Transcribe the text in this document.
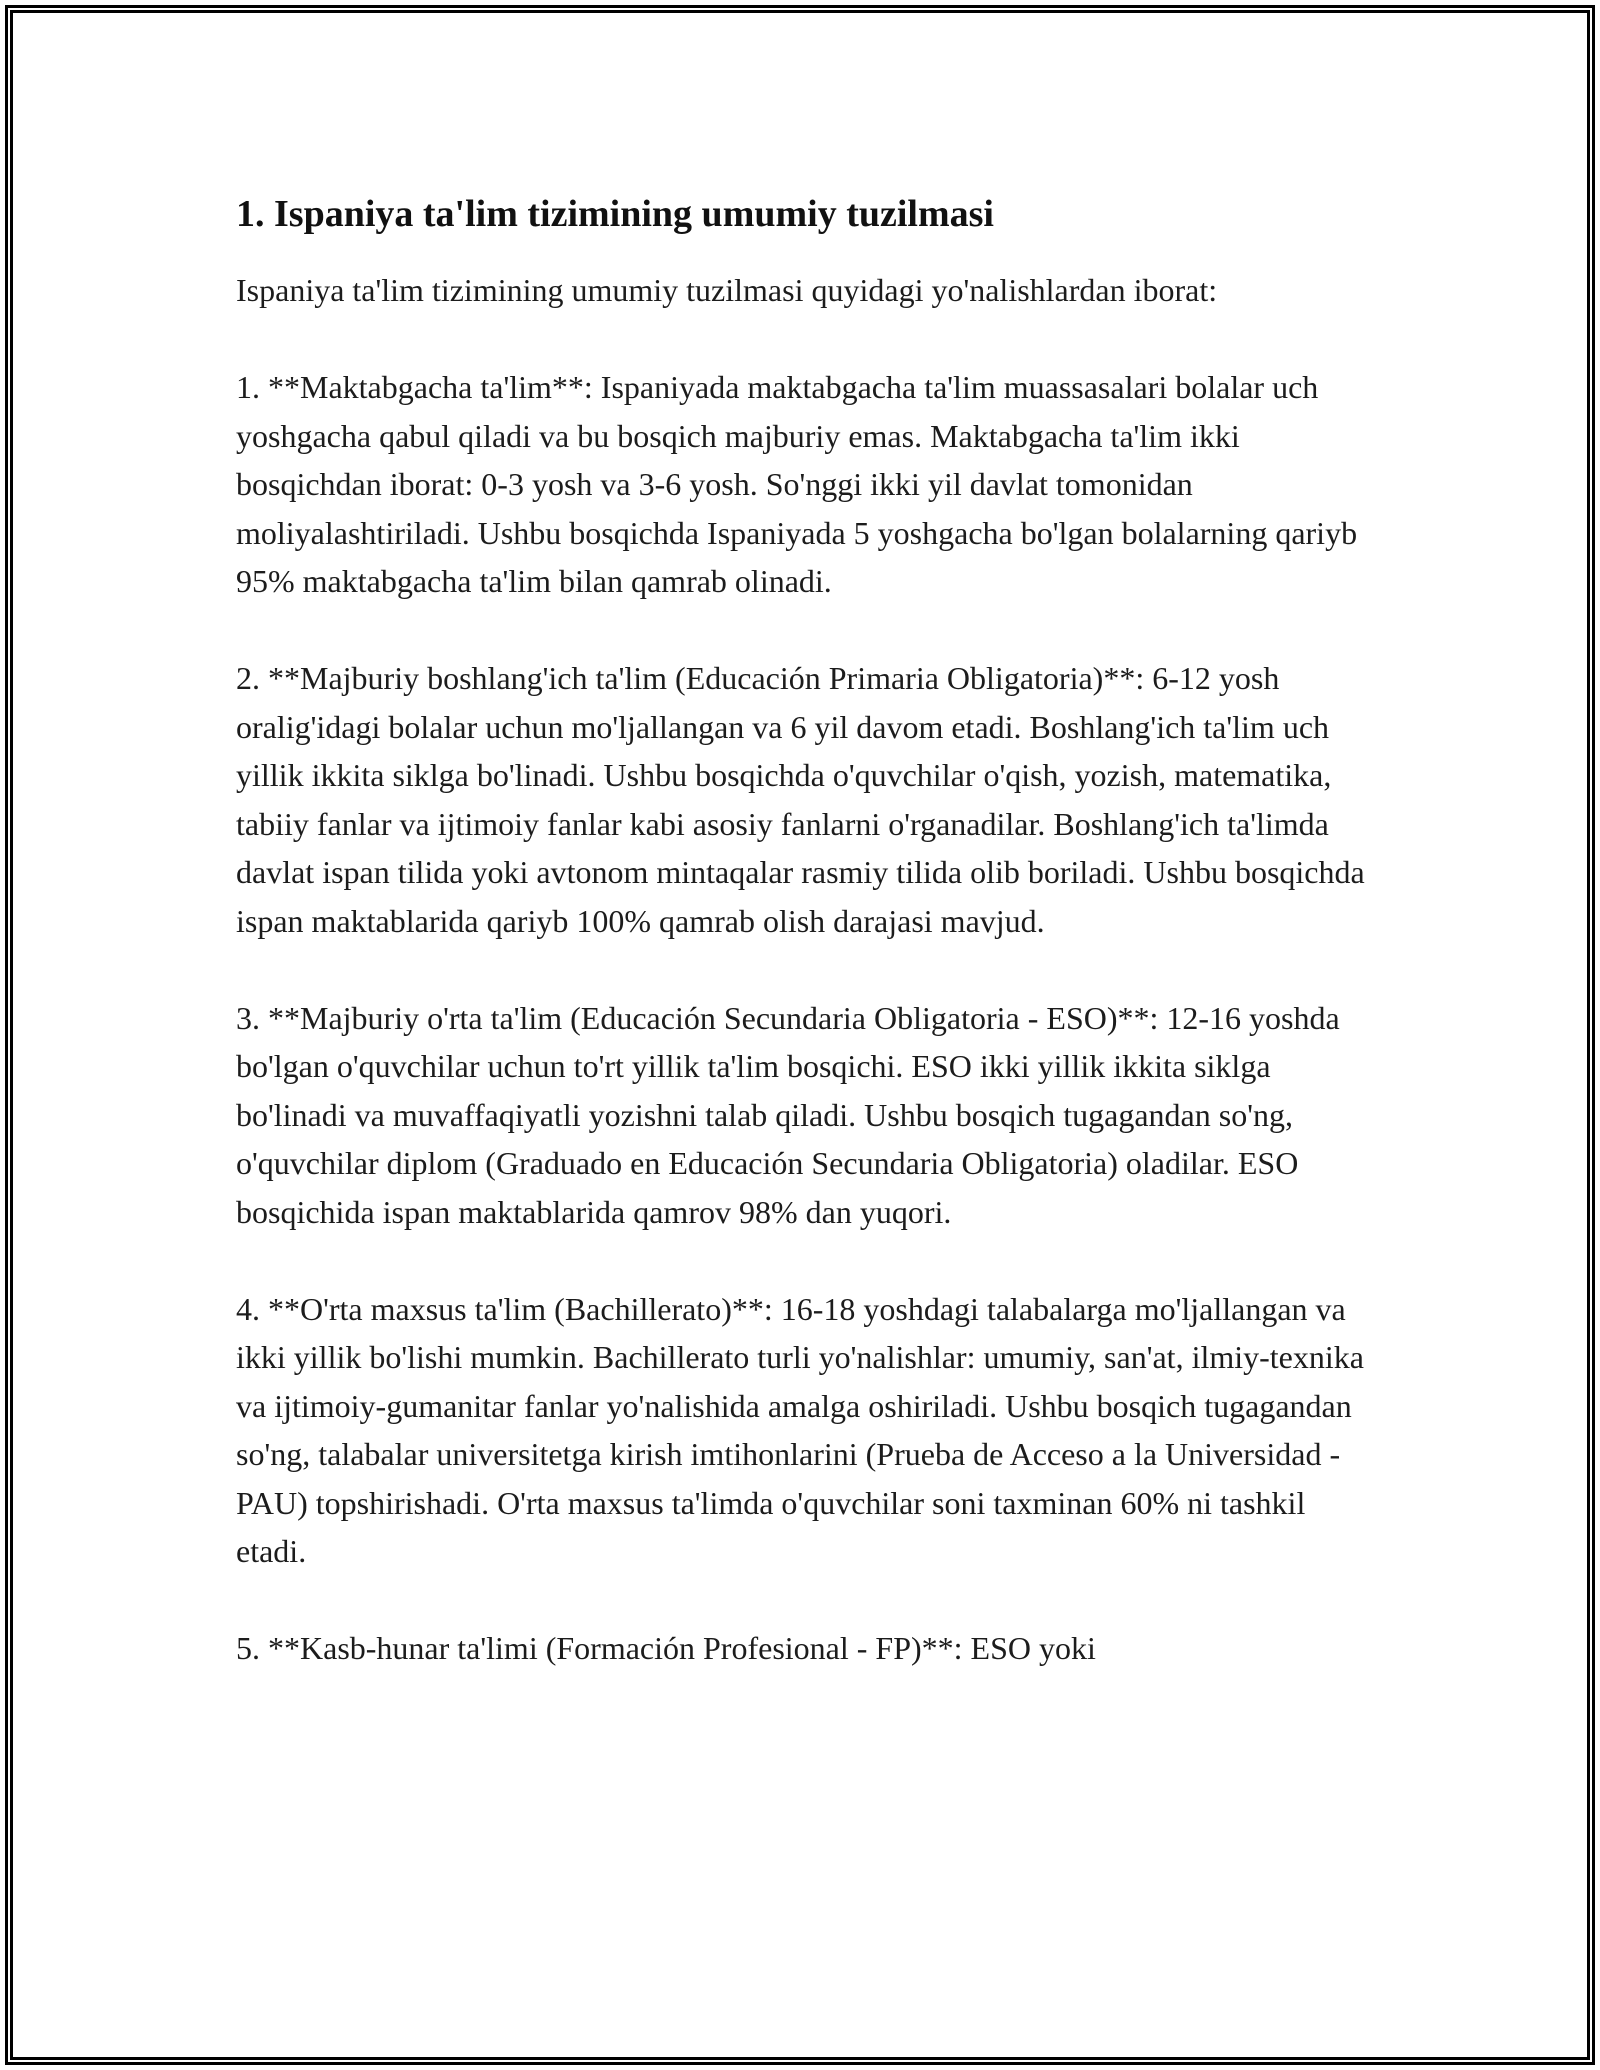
1. Ispaniya ta'lim tizimining umumiy tuzilmasi

Ispaniya ta'lim tizimining umumiy tuzilmasi quyidagi yo'nalishlardan iborat:

1. **Maktabgacha ta'lim**: Ispaniyada maktabgacha ta'lim muassasalari bolalar uch yoshgacha qabul qiladi va bu bosqich majburiy emas. Maktabgacha ta'lim ikki bosqichdan iborat: 0-3 yosh va 3-6 yosh. So'nggi ikki yil davlat tomonidan moliyalashtiriladi. Ushbu bosqichda Ispaniyada 5 yoshgacha bo'lgan bolalarning qariyb 95% maktabgacha ta'lim bilan qamrab olinadi.

2. **Majburiy boshlang'ich ta'lim (Educación Primaria Obligatoria)**: 6-12 yosh oralig'idagi bolalar uchun mo'ljallangan va 6 yil davom etadi. Boshlang'ich ta'lim uch yillik ikkita siklga bo'linadi. Ushbu bosqichda o'quvchilar o'qish, yozish, matematika, tabiiy fanlar va ijtimoiy fanlar kabi asosiy fanlarni o'rganadilar. Boshlang'ich ta'limda davlat ispan tilida yoki avtonom mintaqalar rasmiy tilida olib boriladi. Ushbu bosqichda ispan maktablarida qariyb 100% qamrab olish darajasi mavjud.

3. **Majburiy o'rta ta'lim (Educación Secundaria Obligatoria - ESO)**: 12-16 yoshda bo'lgan o'quvchilar uchun to'rt yillik ta'lim bosqichi. ESO ikki yillik ikkita siklga bo'linadi va muvaffaqiyatli yozishni talab qiladi. Ushbu bosqich tugagandan so'ng, o'quvchilar diplom (Graduado en Educación Secundaria Obligatoria) oladilar. ESO bosqichida ispan maktablarida qamrov 98% dan yuqori.

4. **O'rta maxsus ta'lim (Bachillerato)**: 16-18 yoshdagi talabalarga mo'ljallangan va ikki yillik bo'lishi mumkin. Bachillerato turli yo'nalishlar: umumiy, san'at, ilmiy-texnika va ijtimoiy-gumanitar fanlar yo'nalishida amalga oshiriladi. Ushbu bosqich tugagandan so'ng, talabalar universitetga kirish imtihonlarini (Prueba de Acceso a la Universidad - PAU) topshirishadi. O'rta maxsus ta'limda o'quvchilar soni taxminan 60% ni tashkil etadi.

5. **Kasb-hunar ta'limi (Formación Profesional - FP)**: ESO yoki
